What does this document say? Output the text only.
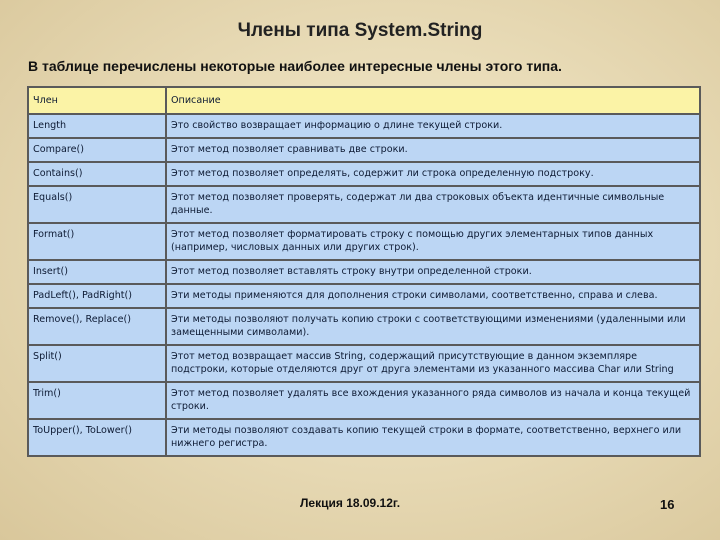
Члены типа System.String
В таблице перечислены некоторые наиболее интересные члены этого типа.
Член	Описание
Length	Это свойство возвращает информацию о длине текущей строки.
Compare()	Этот метод позволяет сравнивать две строки.
Contains()	Этот метод позволяет определять, содержит ли строка определенную подстроку.
Equals()	Этот метод позволяет проверять, содержат ли два строковых объекта идентичные символьные данные.
Format()	Этот метод позволяет форматировать строку с помощью других элементарных типов данных (например, числовых данных или других строк).
Insert()	Этот метод позволяет вставлять строку внутри определенной строки.
PadLeft(), PadRight()	Эти методы применяются для дополнения строки символами, соответственно, справа и слева.
Remove(), Replace()	Эти методы позволяют получать копию строки с соответствующими изменениями (удаленными или замещенными символами).
Split()	Этот метод возвращает массив String, содержащий присутствующие в данном экземпляре подстроки, которые отделяются друг от друга элементами из указанного массива Char или String
Trim()	Этот метод позволяет удалять все вхождения указанного ряда символов из начала и конца текущей строки.
ToUpper(), ToLower()	Эти методы позволяют создавать копию текущей строки в формате, соответственно, верхнего или нижнего регистра.
Лекция 18.09.12г.	16
